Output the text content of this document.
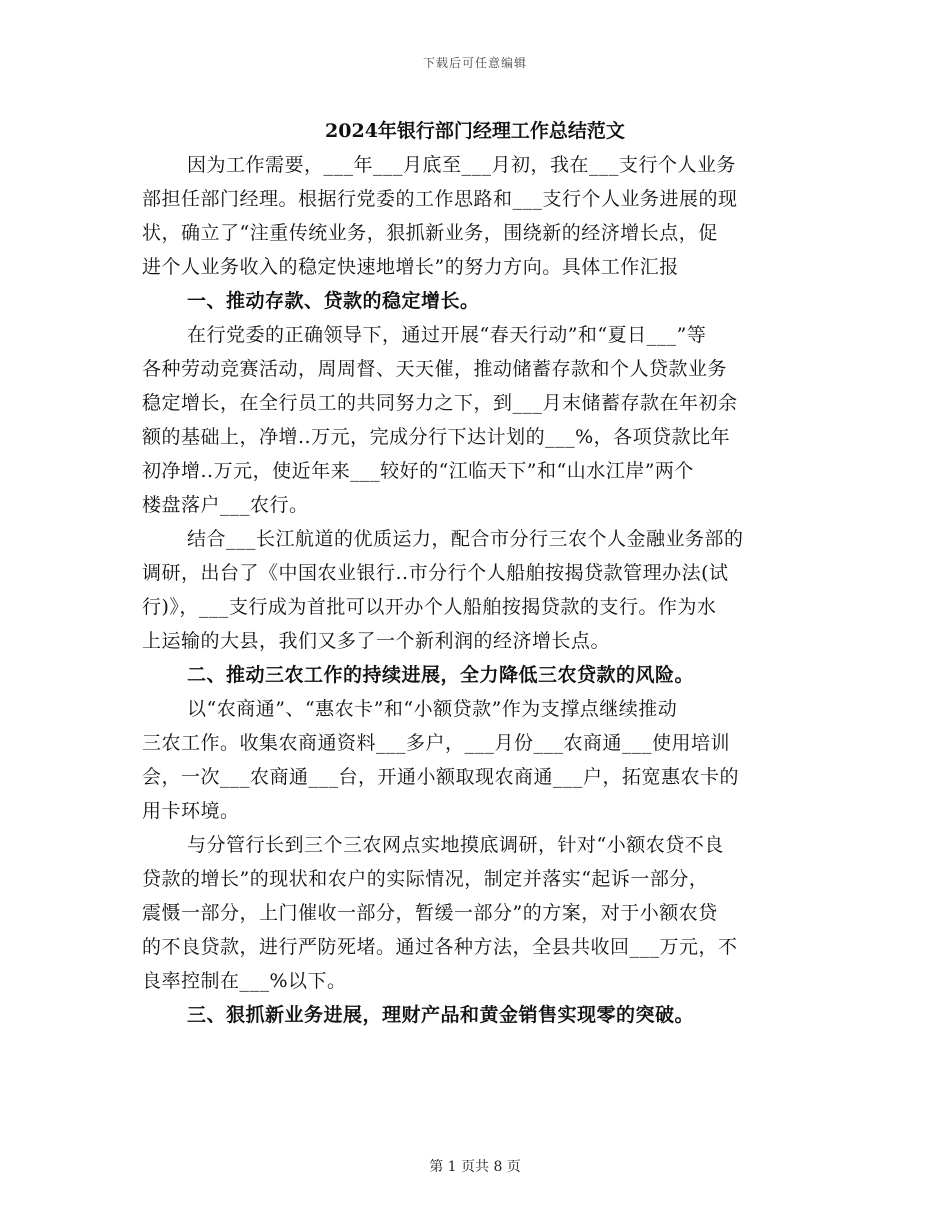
下载后可任意编辑
2024年银行部门经理工作总结范文
因为工作需要，___年___月底至___月初，我在___支行个人业务
部担任部门经理。根据行党委的工作思路和___支行个人业务进展的现
状，确立了“注重传统业务，狠抓新业务，围绕新的经济增长点，促
进个人业务收入的稳定快速地增长”的努力方向。具体工作汇报
一、推动存款、贷款的稳定增长。
在行党委的正确领导下，通过开展“春天行动”和“夏日___”等
各种劳动竞赛活动，周周督、天天催，推动储蓄存款和个人贷款业务
稳定增长，在全行员工的共同努力之下，到___月末储蓄存款在年初余
额的基础上，净增..万元，完成分行下达计划的___%，各项贷款比年
初净增..万元，使近年来___较好的“江临天下”和“山水江岸”两个
楼盘落户___农行。
结合___长江航道的优质运力，配合市分行三农个人金融业务部的
调研，出台了《中国农业银行..市分行个人船舶按揭贷款管理办法(试
行)》，___支行成为首批可以开办个人船舶按揭贷款的支行。作为水
上运输的大县，我们又多了一个新利润的经济增长点。
二、推动三农工作的持续进展，全力降低三农贷款的风险。
以“农商通”、“惠农卡”和“小额贷款”作为支撑点继续推动
三农工作。收集农商通资料___多户，___月份___农商通___使用培训
会，一次___农商通___台，开通小额取现农商通___户，拓宽惠农卡的
用卡环境。
与分管行长到三个三农网点实地摸底调研，针对“小额农贷不良
贷款的增长”的现状和农户的实际情况，制定并落实“起诉一部分，
震慑一部分，上门催收一部分，暂缓一部分”的方案，对于小额农贷
的不良贷款，进行严防死堵。通过各种方法，全县共收回___万元，不
良率控制在___%以下。
三、狠抓新业务进展，理财产品和黄金销售实现零的突破。
第 1 页共 8 页
